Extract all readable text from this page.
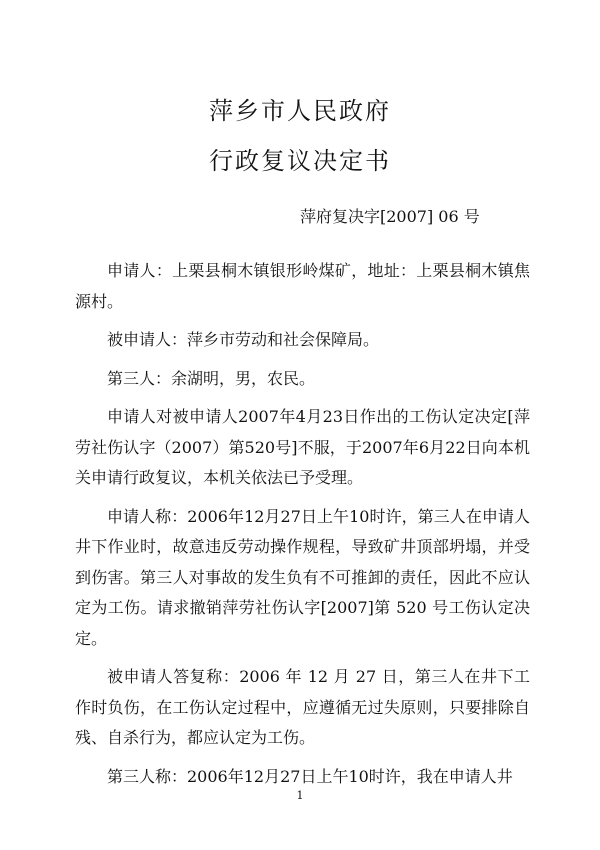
萍乡市人民政府
行政复议决定书

萍府复决字[2007] 06 号

申请人：上栗县桐木镇银形岭煤矿，地址：上栗县桐木镇焦源村。

被申请人：萍乡市劳动和社会保障局。

第三人：余湖明，男，农民。

申请人对被申请人2007年4月23日作出的工伤认定决定[萍劳社伤认字（2007）第520号]不服，于2007年6月22日向本机关申请行政复议，本机关依法已予受理。

申请人称：2006年12月27日上午10时许，第三人在申请人井下作业时，故意违反劳动操作规程，导致矿井顶部坍塌，并受到伤害。第三人对事故的发生负有不可推卸的责任，因此不应认定为工伤。请求撤销萍劳社伤认字[2007]第 520 号工伤认定决定。

被申请人答复称：2006 年 12 月 27 日，第三人在井下工作时负伤，在工伤认定过程中，应遵循无过失原则，只要排除自残、自杀行为，都应认定为工伤。

第三人称：2006年12月27日上午10时许，我在申请人井

1
